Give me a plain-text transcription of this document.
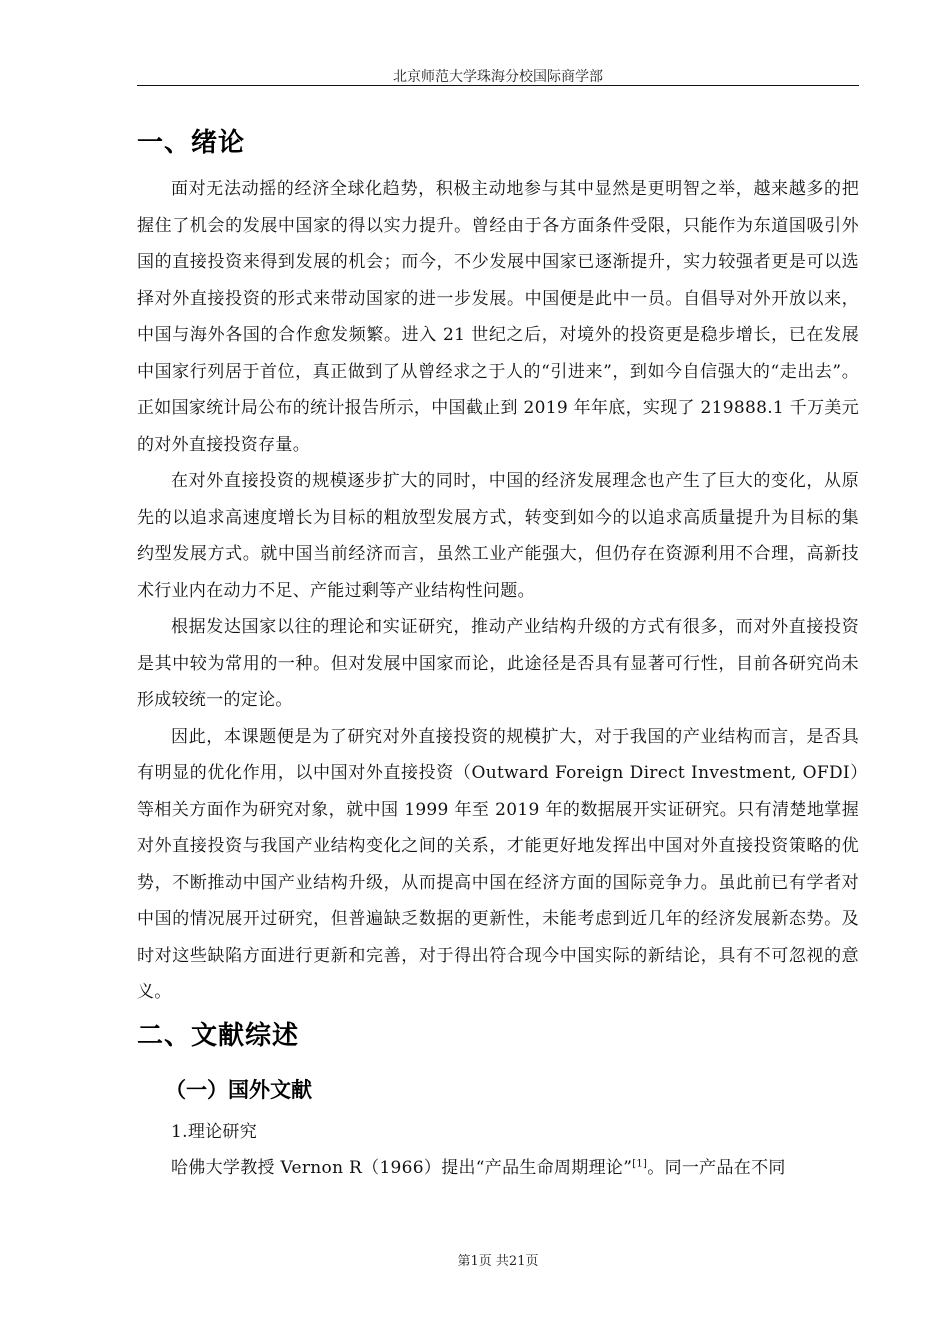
北京师范大学珠海分校国际商学部
一、绪论

面对无法动摇的经济全球化趋势，积极主动地参与其中显然是更明智之举，越来越多的把握住了机会的发展中国家的得以实力提升。曾经由于各方面条件受限，只能作为东道国吸引外国的直接投资来得到发展的机会；而今，不少发展中国家已逐渐提升，实力较强者更是可以选择对外直接投资的形式来带动国家的进一步发展。中国便是此中一员。自倡导对外开放以来，中国与海外各国的合作愈发频繁。进入 21 世纪之后，对境外的投资更是稳步增长，已在发展中国家行列居于首位，真正做到了从曾经求之于人的“引进来”，到如今自信强大的“走出去”。正如国家统计局公布的统计报告所示，中国截止到 2019 年年底，实现了 219888.1 千万美元的对外直接投资存量。

在对外直接投资的规模逐步扩大的同时，中国的经济发展理念也产生了巨大的变化，从原先的以追求高速度增长为目标的粗放型发展方式，转变到如今的以追求高质量提升为目标的集约型发展方式。就中国当前经济而言，虽然工业产能强大，但仍存在资源利用不合理，高新技术行业内在动力不足、产能过剩等产业结构性问题。

根据发达国家以往的理论和实证研究，推动产业结构升级的方式有很多，而对外直接投资是其中较为常用的一种。但对发展中国家而论，此途径是否具有显著可行性，目前各研究尚未形成较统一的定论。

因此，本课题便是为了研究对外直接投资的规模扩大，对于我国的产业结构而言，是否具有明显的优化作用，以中国对外直接投资（Outward Foreign Direct Investment, OFDI）等相关方面作为研究对象，就中国 1999 年至 2019 年的数据展开实证研究。只有清楚地掌握对外直接投资与我国产业结构变化之间的关系，才能更好地发挥出中国对外直接投资策略的优势，不断推动中国产业结构升级，从而提高中国在经济方面的国际竞争力。虽此前已有学者对中国的情况展开过研究，但普遍缺乏数据的更新性，未能考虑到近几年的经济发展新态势。及时对这些缺陷方面进行更新和完善，对于得出符合现今中国实际的新结论，具有不可忽视的意义。

二、文献综述
（一）国外文献

1.理论研究

哈佛大学教授 Vernon R（1966）提出“产品生命周期理论”[1]。同一产品在不同

第1页 共21页
